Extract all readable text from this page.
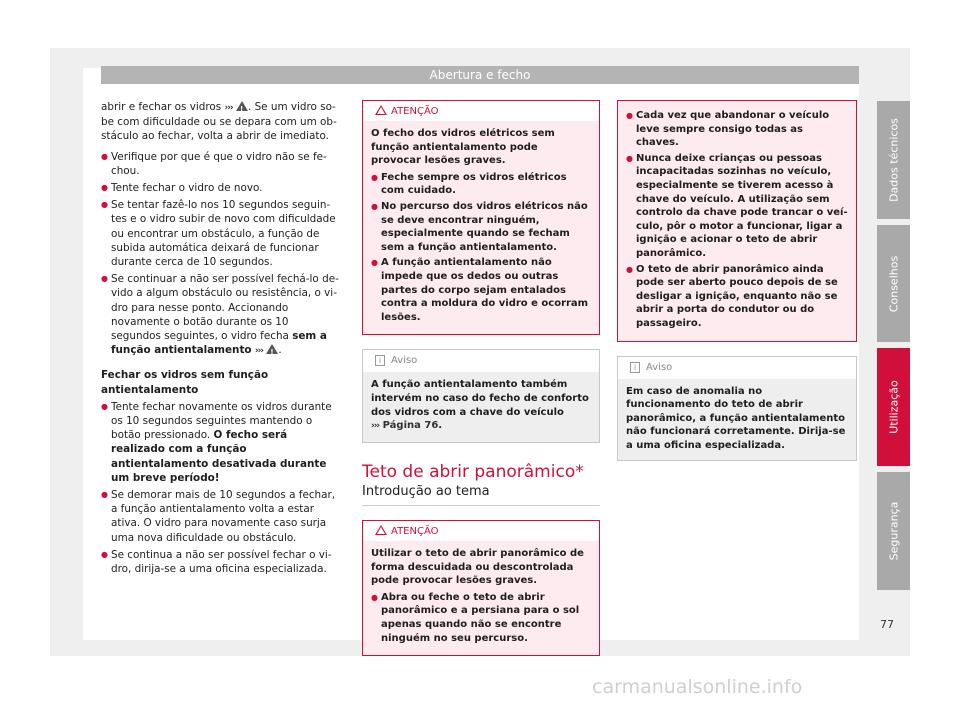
Abertura e fecho

abrir e fechar os vidros ››› ! . Se um vidro sobe com dificuldade ou se depara com um obstáculo ao fechar, volta a abrir de imediato.

● Verifique por que é que o vidro não se fechou.
● Tente fechar o vidro de novo.
● Se tentar fazê-lo nos 10 segundos seguintes e o vidro subir de novo com dificuldade ou encontrar um obstáculo, a função de subida automática deixará de funcionar durante cerca de 10 segundos.
● Se continuar a não ser possível fechá-lo devido a algum obstáculo ou resistência, o vidro para nesse ponto. Accionando novamente o botão durante os 10 segundos seguintes, o vidro fecha sem a função antientalamento ››› ! .
Fechar os vidros sem função antientalamento
● Tente fechar novamente os vidros durante os 10 segundos seguintes mantendo o botão pressionado. O fecho será realizado com a função antientalamento desativada durante um breve período!
● Se demorar mais de 10 segundos a fechar, a função antientalamento volta a estar ativa. O vidro para novamente caso surja uma nova dificuldade ou obstáculo.
● Se continua a não ser possível fechar o vidro, dirija-se a uma oficina especializada.
ATENÇÃO
O fecho dos vidros elétricos sem função antientalamento pode provocar lesões graves.
● Feche sempre os vidros elétricos com cuidado.
● No percurso dos vidros elétricos não se deve encontrar ninguém, especialmente quando se fecham sem a função antientalamento.
● A função antientalamento não impede que os dedos ou outras partes do corpo sejam entalados contra a moldura do vidro e ocorram lesões.
i Aviso
A função antientalamento também intervém no caso do fecho de conforto dos vidros com a chave do veículo ››› Página 76.
Teto de abrir panorâmico*
Introdução ao tema
ATENÇÃO
Utilizar o teto de abrir panorâmico de forma descuidada ou descontrolada pode provocar lesões graves.
● Abra ou feche o teto de abrir panorâmico e a persiana para o sol apenas quando não se encontre ninguém no seu percurso.
● Cada vez que abandonar o veículo leve sempre consigo todas as chaves.
● Nunca deixe crianças ou pessoas incapacitadas sozinhas no veículo, especialmente se tiverem acesso à chave do veículo. A utilização sem controlo da chave pode trancar o veículo, pôr o motor a funcionar, ligar a ignição e acionar o teto de abrir panorâmico.
● O teto de abrir panorâmico ainda pode ser aberto pouco depois de se desligar a ignição, enquanto não se abrir a porta do condutor ou do passageiro.
i Aviso
Em caso de anomalia no funcionamento do teto de abrir panorâmico, a função antientalamento não funcionará corretamente. Dirija-se a uma oficina especializada.
Dados técnicos
Conselhos
Utilização
Segurança
77
carmanualsonline.info
